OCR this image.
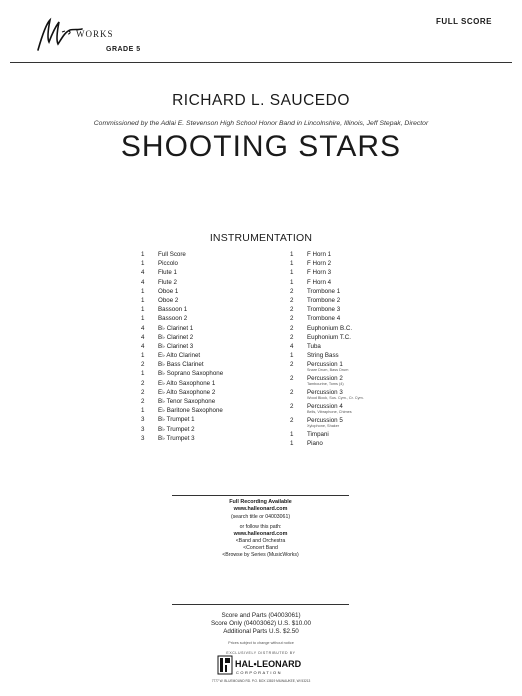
WORKS
GRADE 5
FULL SCORE
RICHARD L. SAUCEDO
Commissioned by the Adlai E. Stevenson High School Honor Band in Lincolnshire, Illinois, Jeff Stepak, Director
SHOOTING STARS
INSTRUMENTATION
1	Full Score
1	Piccolo
4	Flute 1
4	Flute 2
1	Oboe 1
1	Oboe 2
1	Bassoon 1
1	Bassoon 2
4	B♭ Clarinet 1
4	B♭ Clarinet 2
4	B♭ Clarinet 3
1	E♭ Alto Clarinet
2	B♭ Bass Clarinet
1	B♭ Soprano Saxophone
2	E♭ Alto Saxophone 1
2	E♭ Alto Saxophone 2
2	B♭ Tenor Saxophone
1	E♭ Baritone Saxophone
3	B♭ Trumpet 1
3	B♭ Trumpet 2
3	B♭ Trumpet 3
1	F Horn 1
1	F Horn 2
1	F Horn 3
1	F Horn 4
2	Trombone 1
2	Trombone 2
2	Trombone 3
2	Trombone 4
2	Euphonium B.C.
2	Euphonium T.C.
4	Tuba
1	String Bass
2	Percussion 1
Snare Drum, Bass Drum
2	Percussion 2
Tambourine, Toms (4)
2	Percussion 3
Wood Block, Sus. Cym., Cr. Cym.
2	Percussion 4
Bells, Vibraphone, Chimes
2	Percussion 5
Xylophone, Shaker
1	Timpani
1	Piano
Full Recording Available
www.halleonard.com
(search title or 04003061)
or follow this path:
www.halleonard.com
<Band and Orchestra
<Concert Band
<Browse by Series (MusicWorks)
Score and Parts (04003061)
Score Only (04003062) U.S. $10.00
Additional Parts U.S. $2.50
Prices subject to change without notice
EXCLUSIVELY DISTRIBUTED BY
HAL•LEONARD
CORPORATION
7777 W. BLUEMOUND RD. P.O. BOX 13819 MILWAUKEE, WI 53213
